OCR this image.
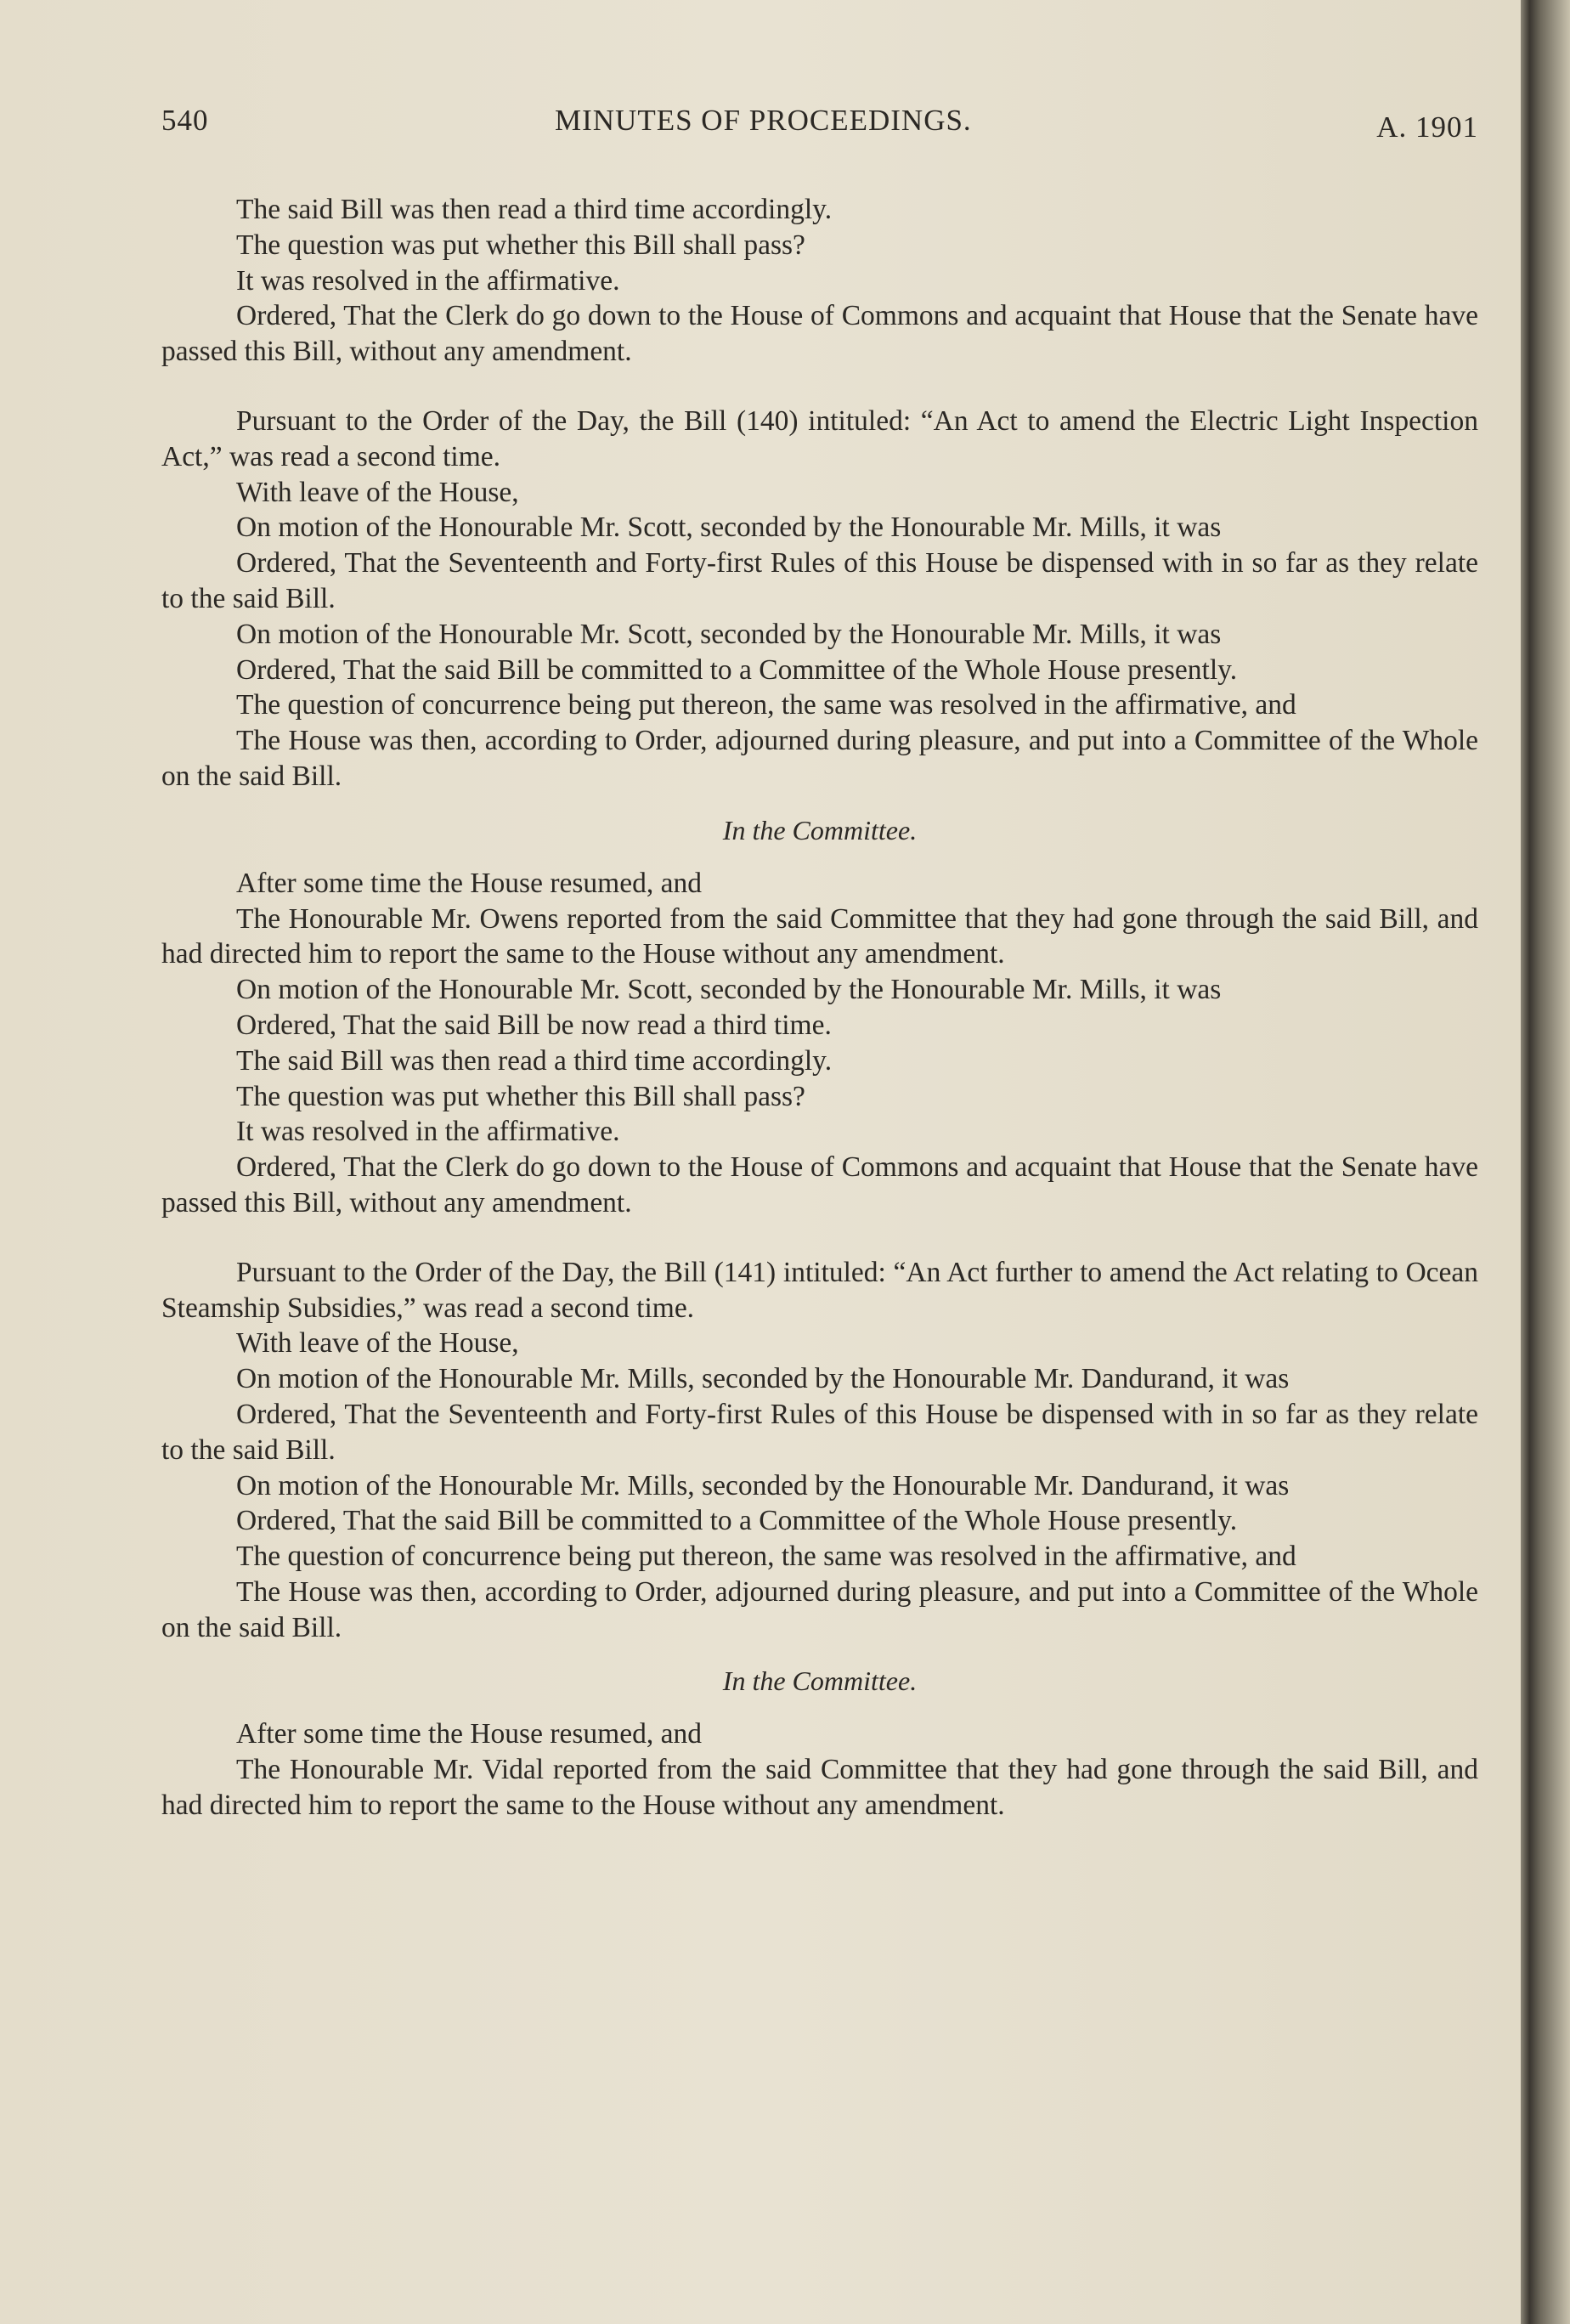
540	MINUTES OF PROCEEDINGS.	A. 1901

The said Bill was then read a third time accordingly.

The question was put whether this Bill shall pass?

It was resolved in the affirmative.

Ordered, That the Clerk do go down to the House of Commons and acquaint that House that the Senate have passed this Bill, without any amendment.

Pursuant to the Order of the Day, the Bill (140) intituled: “An Act to amend the Electric Light Inspection Act,” was read a second time.

With leave of the House,

On motion of the Honourable Mr. Scott, seconded by the Honourable Mr. Mills, it was

Ordered, That the Seventeenth and Forty-first Rules of this House be dispensed with in so far as they relate to the said Bill.

On motion of the Honourable Mr. Scott, seconded by the Honourable Mr. Mills, it was

Ordered, That the said Bill be committed to a Committee of the Whole House presently.

The question of concurrence being put thereon, the same was resolved in the affirmative, and

The House was then, according to Order, adjourned during pleasure, and put into a Committee of the Whole on the said Bill.

In the Committee.

After some time the House resumed, and

The Honourable Mr. Owens reported from the said Committee that they had gone through the said Bill, and had directed him to report the same to the House without any amendment.

On motion of the Honourable Mr. Scott, seconded by the Honourable Mr. Mills, it was

Ordered, That the said Bill be now read a third time.

The said Bill was then read a third time accordingly.

The question was put whether this Bill shall pass?

It was resolved in the affirmative.

Ordered, That the Clerk do go down to the House of Commons and acquaint that House that the Senate have passed this Bill, without any amendment.

Pursuant to the Order of the Day, the Bill (141) intituled: “An Act further to amend the Act relating to Ocean Steamship Subsidies,” was read a second time.

With leave of the House,

On motion of the Honourable Mr. Mills, seconded by the Honourable Mr. Dandurand, it was

Ordered, That the Seventeenth and Forty-first Rules of this House be dispensed with in so far as they relate to the said Bill.

On motion of the Honourable Mr. Mills, seconded by the Honourable Mr. Dandurand, it was

Ordered, That the said Bill be committed to a Committee of the Whole House presently.

The question of concurrence being put thereon, the same was resolved in the affirmative, and

The House was then, according to Order, adjourned during pleasure, and put into a Committee of the Whole on the said Bill.

In the Committee.

After some time the House resumed, and

The Honourable Mr. Vidal reported from the said Committee that they had gone through the said Bill, and had directed him to report the same to the House without any amendment.
